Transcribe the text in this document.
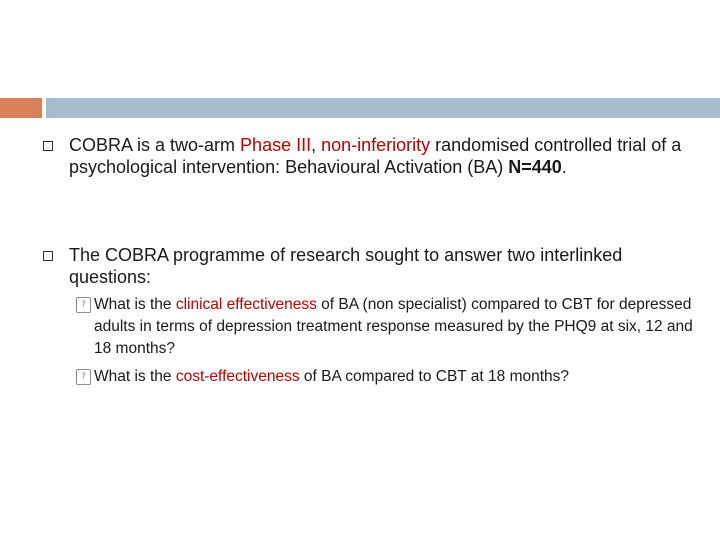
COBRA is a two-arm Phase III, non-inferiority randomised controlled trial of a psychological intervention: Behavioural Activation (BA) N=440.
The COBRA programme of research sought to answer two interlinked questions:
? What is the clinical effectiveness of BA (non specialist) compared to CBT for depressed adults in terms of depression treatment response measured by the PHQ9 at six, 12 and 18 months?
? What is the cost-effectiveness of BA compared to CBT at 18 months?
